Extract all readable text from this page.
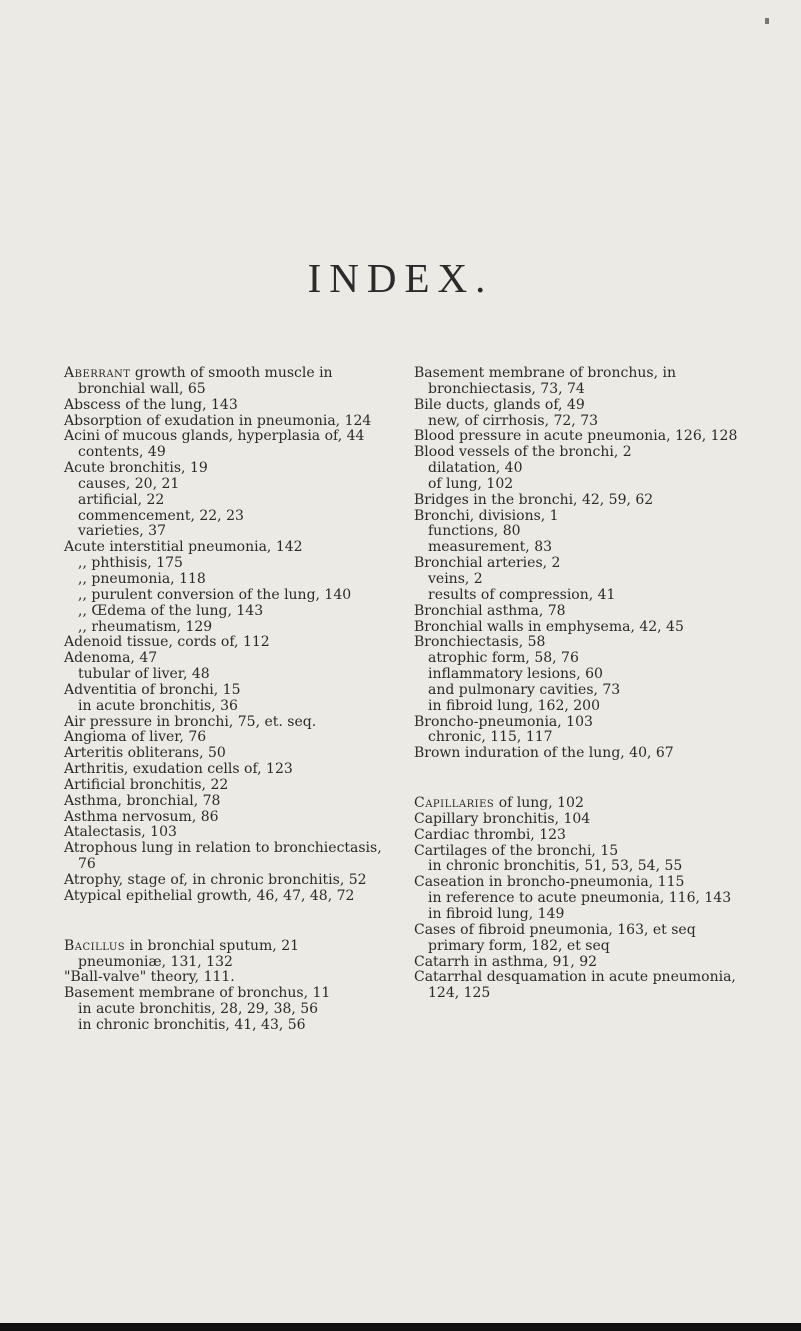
INDEX.
Aberrant growth of smooth muscle in bronchial wall, 65
Abscess of the lung, 143
Absorption of exudation in pneumonia, 124
Acini of mucous glands, hyperplasia of, 44
contents, 49
Acute bronchitis, 19
causes, 20, 21
artificial, 22
commencement, 22, 23
varieties, 37
Acute interstitial pneumonia, 142
,, phthisis, 175
,, pneumonia, 118
,, purulent conversion of the lung, 140
,, Œdema of the lung, 143
,, rheumatism, 129
Adenoid tissue, cords of, 112
Adenoma, 47
tubular of liver, 48
Adventitia of bronchi, 15
in acute bronchitis, 36
Air pressure in bronchi, 75, et. seq.
Angioma of liver, 76
Arteritis obliterans, 50
Arthritis, exudation cells of, 123
Artificial bronchitis, 22
Asthma, bronchial, 78
Asthma nervosum, 86
Atalectasis, 103
Atrophous lung in relation to bronchiectasis, 76
Atrophy, stage of, in chronic bronchitis, 52
Atypical epithelial growth, 46, 47, 48, 72
Bacillus in bronchial sputum, 21
pneumoniæ, 131, 132
"Ball-valve" theory, 111.
Basement membrane of bronchus, 11
in acute bronchitis, 28, 29, 38, 56
in chronic bronchitis, 41, 43, 56
Basement membrane of bronchus, in bronchiectasis, 73, 74
Bile ducts, glands of, 49
new, of cirrhosis, 72, 73
Blood pressure in acute pneumonia, 126, 128
Blood vessels of the bronchi, 2
dilatation, 40
of lung, 102
Bridges in the bronchi, 42, 59, 62
Bronchi, divisions, 1
functions, 80
measurement, 83
Bronchial arteries, 2
veins, 2
results of compression, 41
Bronchial asthma, 78
Bronchial walls in emphysema, 42, 45
Bronchiectasis, 58
atrophic form, 58, 76
inflammatory lesions, 60
and pulmonary cavities, 73
in fibroid lung, 162, 200
Broncho-pneumonia, 103
chronic, 115, 117
Brown induration of the lung, 40, 67
Capillaries of lung, 102
Capillary bronchitis, 104
Cardiac thrombi, 123
Cartilages of the bronchi, 15
in chronic bronchitis, 51, 53, 54, 55
Caseation in broncho-pneumonia, 115
in reference to acute pneumonia, 116, 143
in fibroid lung, 149
Cases of fibroid pneumonia, 163, et seq
primary form, 182, et seq
Catarrh in asthma, 91, 92
Catarrhal desquamation in acute pneumonia, 124, 125
